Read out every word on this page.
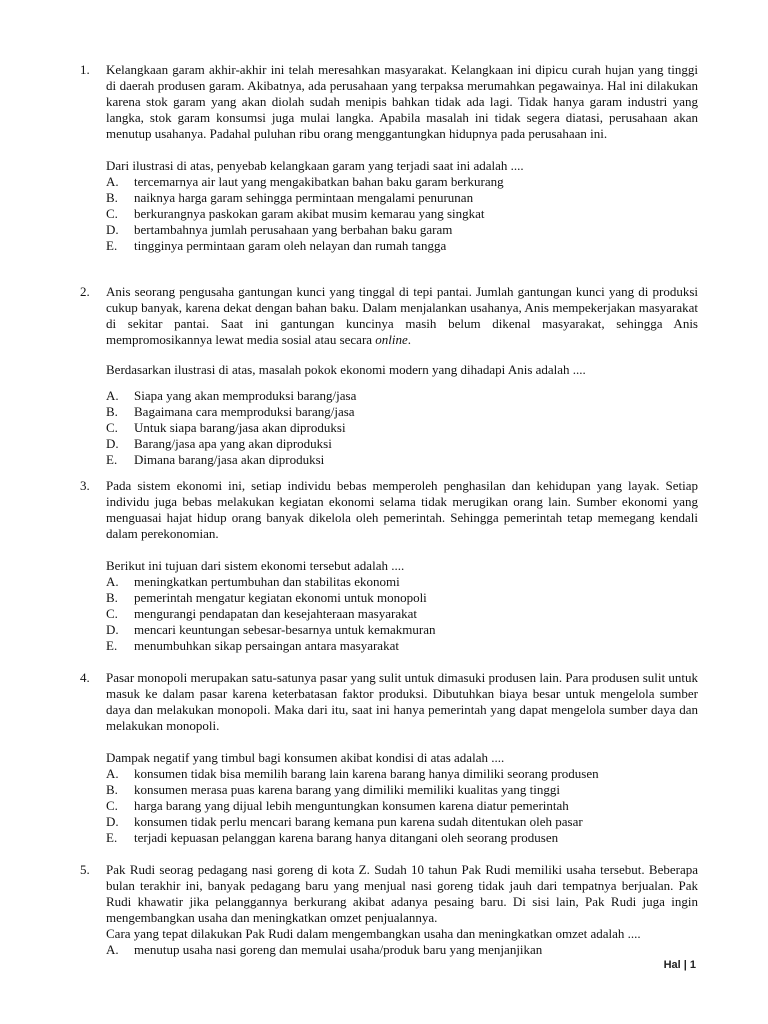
1.	Kelangkaan garam akhir-akhir ini telah meresahkan masyarakat. Kelangkaan ini dipicu curah hujan yang tinggi di daerah produsen garam. Akibatnya, ada perusahaan yang terpaksa merumahkan pegawainya. Hal ini dilakukan karena stok garam yang akan diolah sudah menipis bahkan tidak ada lagi. Tidak hanya garam industri yang langka, stok garam konsumsi juga mulai langka. Apabila masalah ini tidak segera diatasi, perusahaan akan menutup usahanya. Padahal puluhan ribu orang menggantungkan hidupnya pada perusahaan ini.

Dari ilustrasi di atas, penyebab kelangkaan garam yang terjadi saat ini adalah ....

A. tercemarnya air laut yang mengakibatkan bahan baku garam berkurang
B. naiknya harga garam sehingga permintaan mengalami penurunan
C. berkurangnya paskokan garam akibat musim kemarau yang singkat
D. bertambahnya jumlah perusahaan yang berbahan baku garam
E. tingginya permintaan garam oleh nelayan dan rumah tangga
2.	Anis seorang pengusaha gantungan kunci yang tinggal di tepi pantai. Jumlah gantungan kunci yang di produksi cukup banyak, karena dekat dengan bahan baku. Dalam menjalankan usahanya, Anis mempekerjakan masyarakat di sekitar pantai. Saat ini gantungan kuncinya masih belum dikenal masyarakat, sehingga Anis mempromosikannya lewat media sosial atau secara online.

Berdasarkan ilustrasi di atas, masalah pokok ekonomi modern yang dihadapi Anis adalah ....

A. Siapa yang akan memproduksi barang/jasa
B. Bagaimana cara memproduksi barang/jasa
C. Untuk siapa barang/jasa akan diproduksi
D. Barang/jasa apa yang akan diproduksi
E. Dimana barang/jasa akan diproduksi
3.	Pada sistem ekonomi ini, setiap individu bebas memperoleh penghasilan dan kehidupan yang layak. Setiap individu juga bebas melakukan kegiatan ekonomi selama tidak merugikan orang lain. Sumber ekonomi yang menguasai hajat hidup orang banyak dikelola oleh pemerintah. Sehingga pemerintah tetap memegang kendali dalam perekonomian.

Berikut ini tujuan dari sistem ekonomi tersebut adalah ....

A. meningkatkan pertumbuhan dan stabilitas ekonomi
B. pemerintah mengatur kegiatan ekonomi untuk monopoli
C. mengurangi pendapatan dan kesejahteraan masyarakat
D. mencari keuntungan sebesar-besarnya untuk kemakmuran
E. menumbuhkan sikap persaingan antara masyarakat
4.	Pasar monopoli merupakan satu-satunya pasar yang sulit untuk dimasuki produsen lain. Para produsen sulit untuk masuk ke dalam pasar karena keterbatasan faktor produksi. Dibutuhkan biaya besar untuk mengelola sumber daya dan melakukan monopoli. Maka dari itu, saat ini hanya pemerintah yang dapat mengelola sumber daya dan melakukan monopoli.

Dampak negatif yang timbul bagi konsumen akibat kondisi di atas adalah ....

A. konsumen tidak bisa memilih barang lain karena barang hanya dimiliki seorang produsen
B. konsumen merasa puas karena barang yang dimiliki memiliki kualitas yang tinggi
C. harga barang yang dijual lebih menguntungkan konsumen karena diatur pemerintah
D. konsumen tidak perlu mencari barang kemana pun karena sudah ditentukan oleh pasar
E. terjadi kepuasan pelanggan karena barang hanya ditangani oleh seorang produsen
5.	Pak Rudi seorag pedagang nasi goreng di kota Z. Sudah 10 tahun Pak Rudi memiliki usaha tersebut. Beberapa bulan terakhir ini, banyak pedagang baru yang menjual nasi goreng tidak jauh dari tempatnya berjualan. Pak Rudi khawatir jika pelanggannya berkurang akibat adanya pesaing baru. Di sisi lain, Pak Rudi juga ingin mengembangkan usaha dan meningkatkan omzet penjualannya.

Cara yang tepat dilakukan Pak Rudi dalam mengembangkan usaha dan meningkatkan omzet adalah ....

A. menutup usaha nasi goreng dan memulai usaha/produk baru yang menjanjikan
Hal | 1
